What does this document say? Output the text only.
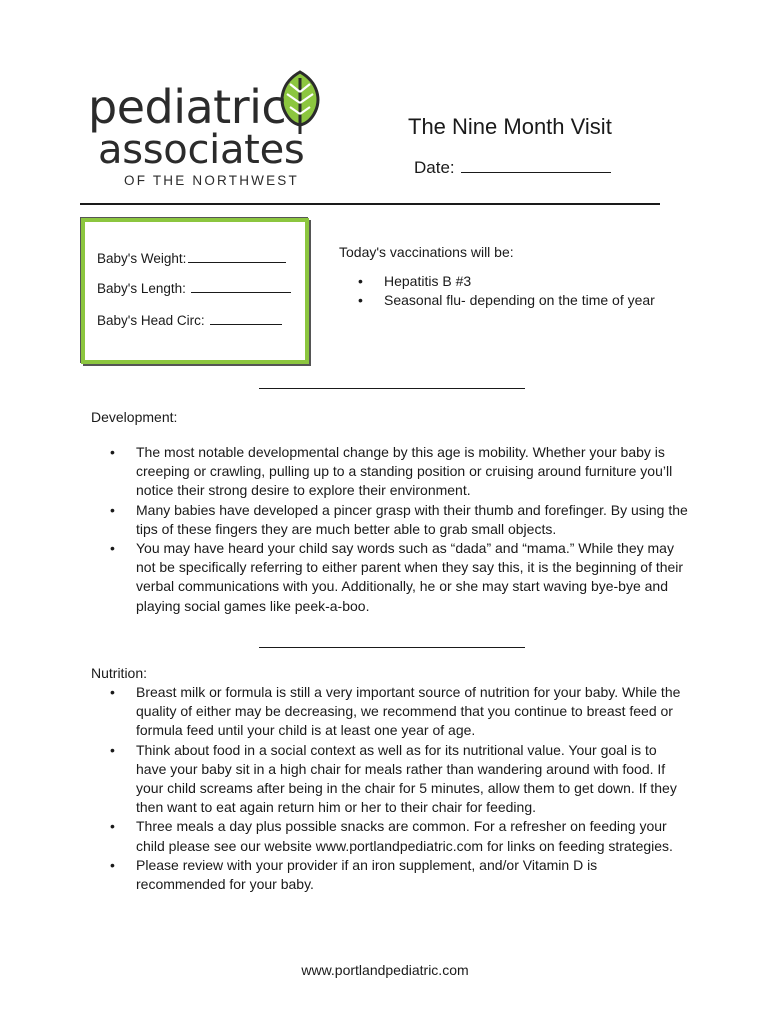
pediatric
associates
OF THE NORTHWEST
The Nine Month Visit
Date:
Baby's Weight:
Baby's Length:
Baby's Head Circ:
Today's vaccinations will be:
• Hepatitis B #3
• Seasonal flu- depending on the time of year
Development:
• The most notable developmental change by this age is mobility. Whether your baby is creeping or crawling, pulling up to a standing position or cruising around furniture you’ll notice their strong desire to explore their environment.
• Many babies have developed a pincer grasp with their thumb and forefinger. By using the tips of these fingers they are much better able to grab small objects.
• You may have heard your child say words such as “dada” and “mama.” While they may not be specifically referring to either parent when they say this, it is the beginning of their verbal communications with you. Additionally, he or she may start waving bye-bye and playing social games like peek-a-boo.
Nutrition:
• Breast milk or formula is still a very important source of nutrition for your baby. While the quality of either may be decreasing, we recommend that you continue to breast feed or formula feed until your child is at least one year of age.
• Think about food in a social context as well as for its nutritional value. Your goal is to have your baby sit in a high chair for meals rather than wandering around with food. If your child screams after being in the chair for 5 minutes, allow them to get down. If they then want to eat again return him or her to their chair for feeding.
• Three meals a day plus possible snacks are common. For a refresher on feeding your child please see our website www.portlandpediatric.com for links on feeding strategies.
• Please review with your provider if an iron supplement, and/or Vitamin D is recommended for your baby.
www.portlandpediatric.com
